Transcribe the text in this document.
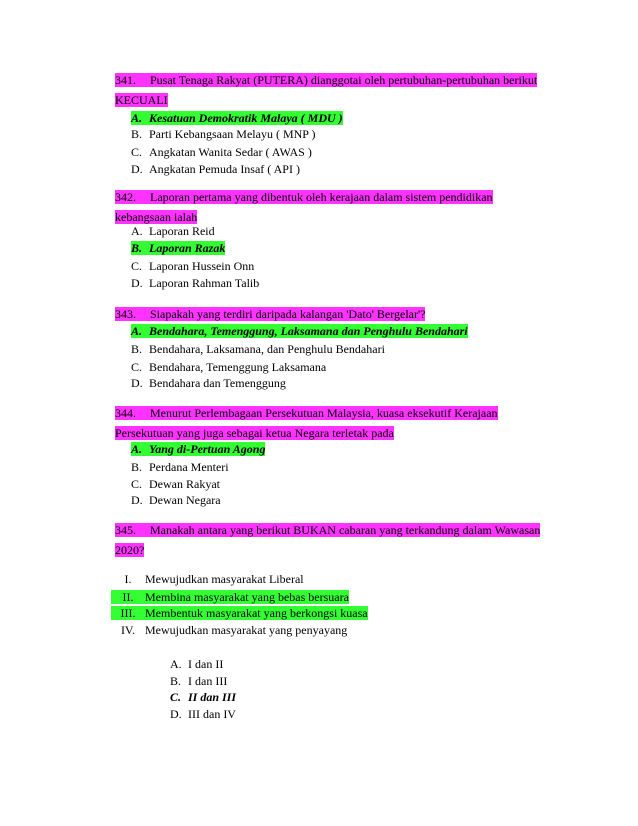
341. Pusat Tenaga Rakyat (PUTERA) dianggotai oleh pertubuhan-pertubuhan berikut
KECUALI
A. Kesatuan Demokratik Malaya ( MDU )
B. Parti Kebangsaan Melayu ( MNP )
C. Angkatan Wanita Sedar ( AWAS )
D. Angkatan Pemuda Insaf ( API )
342. Laporan pertama yang dibentuk oleh kerajaan dalam sistem pendidikan
kebangsaan ialah
A. Laporan Reid
B. Laporan Razak
C. Laporan Hussein Onn
D. Laporan Rahman Talib
343. Siapakah yang terdiri daripada kalangan 'Dato' Bergelar'?
A. Bendahara, Temenggung, Laksamana dan Penghulu Bendahari
B. Bendahara, Laksamana, dan Penghulu Bendahari
C. Bendahara, Temenggung Laksamana
D. Bendahara dan Temenggung
344. Menurut Perlembagaan Persekutuan Malaysia, kuasa eksekutif Kerajaan
Persekutuan yang juga sebagai ketua Negara terletak pada
A. Yang di-Pertuan Agong
B. Perdana Menteri
C. Dewan Rakyat
D. Dewan Negara
345. Manakah antara yang berikut BUKAN cabaran yang terkandung dalam Wawasan
2020?
I. Mewujudkan masyarakat Liberal
II. Membina masyarakat yang bebas bersuara
III. Membentuk masyarakat yang berkongsi kuasa
IV. Mewujudkan masyarakat yang penyayang
A. I dan II
B. I dan III
C. II dan III
D. III dan IV
